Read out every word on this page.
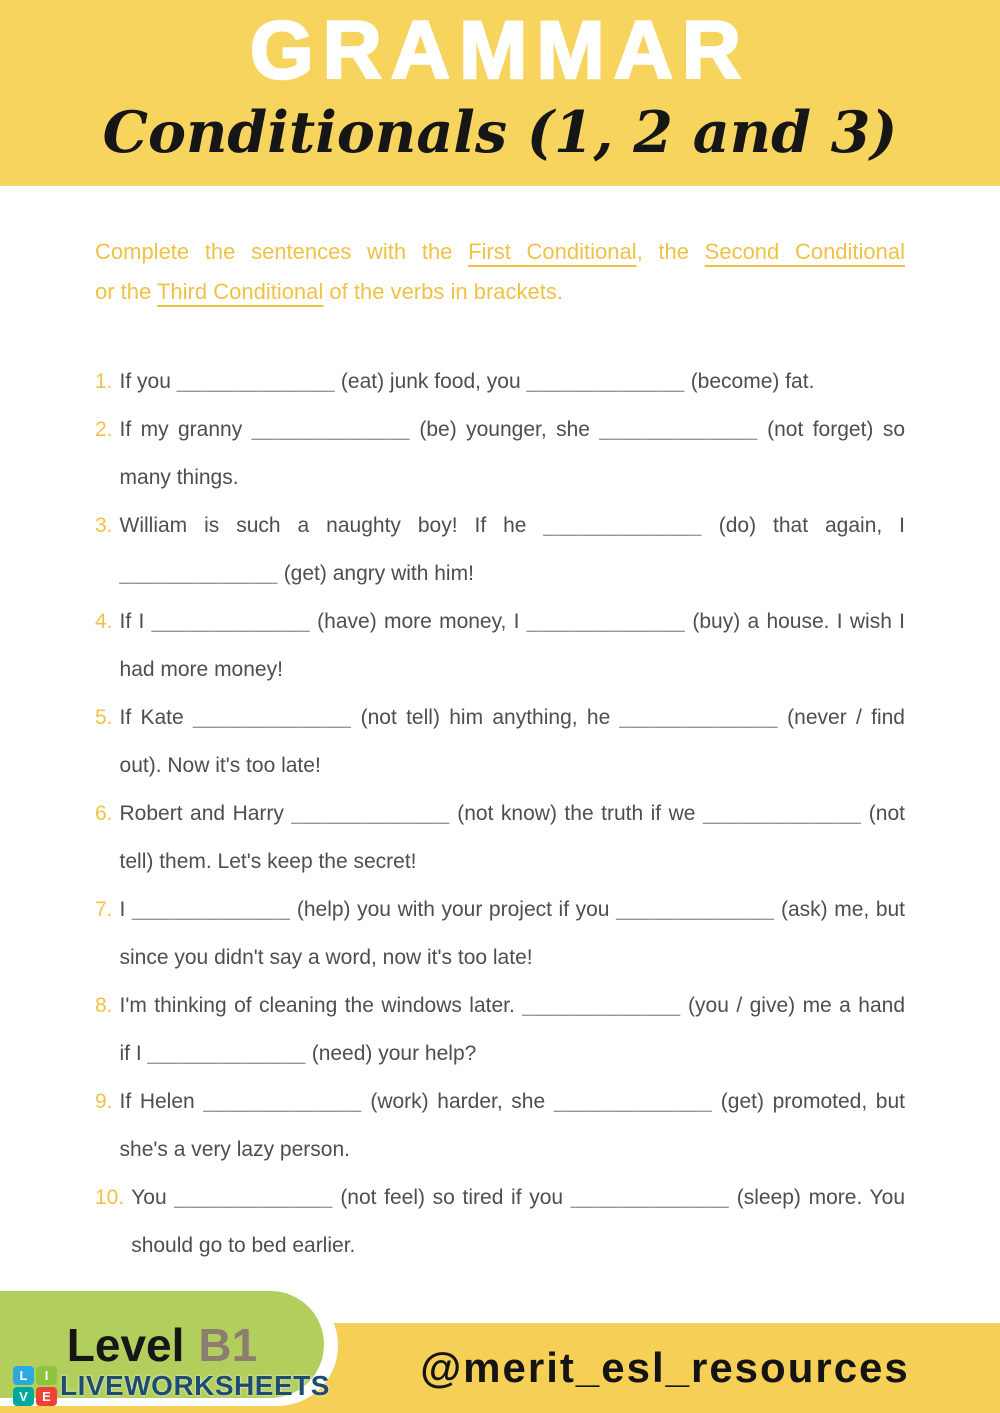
GRAMMAR
Conditionals (1, 2 and 3)
Complete the sentences with the First Conditional, the Second Conditional
or the Third Conditional of the verbs in brackets.
1. If you _____________ (eat) junk food, you _____________ (become) fat.
2. If my granny _____________ (be) younger, she _____________ (not forget) so
many things.
3. William is such a naughty boy! If he _____________ (do) that again, I
_____________ (get) angry with him!
4. If I _____________ (have) more money, I _____________ (buy) a house. I wish I
had more money!
5. If Kate _____________ (not tell) him anything, he _____________ (never / find
out). Now it's too late!
6. Robert and Harry _____________ (not know) the truth if we _____________ (not
tell) them. Let's keep the secret!
7. I _____________ (help) you with your project if you _____________ (ask) me, but
since you didn't say a word, now it's too late!
8. I'm thinking of cleaning the windows later. _____________ (you / give) me a hand
if I _____________ (need) your help?
9. If Helen _____________ (work) harder, she _____________ (get) promoted, but
she's a very lazy person.
10. You _____________ (not feel) so tired if you _____________ (sleep) more. You
should go to bed earlier.
@merit_esl_resources
Level B1
L	I
V	E LIVEWORKSHEETS
